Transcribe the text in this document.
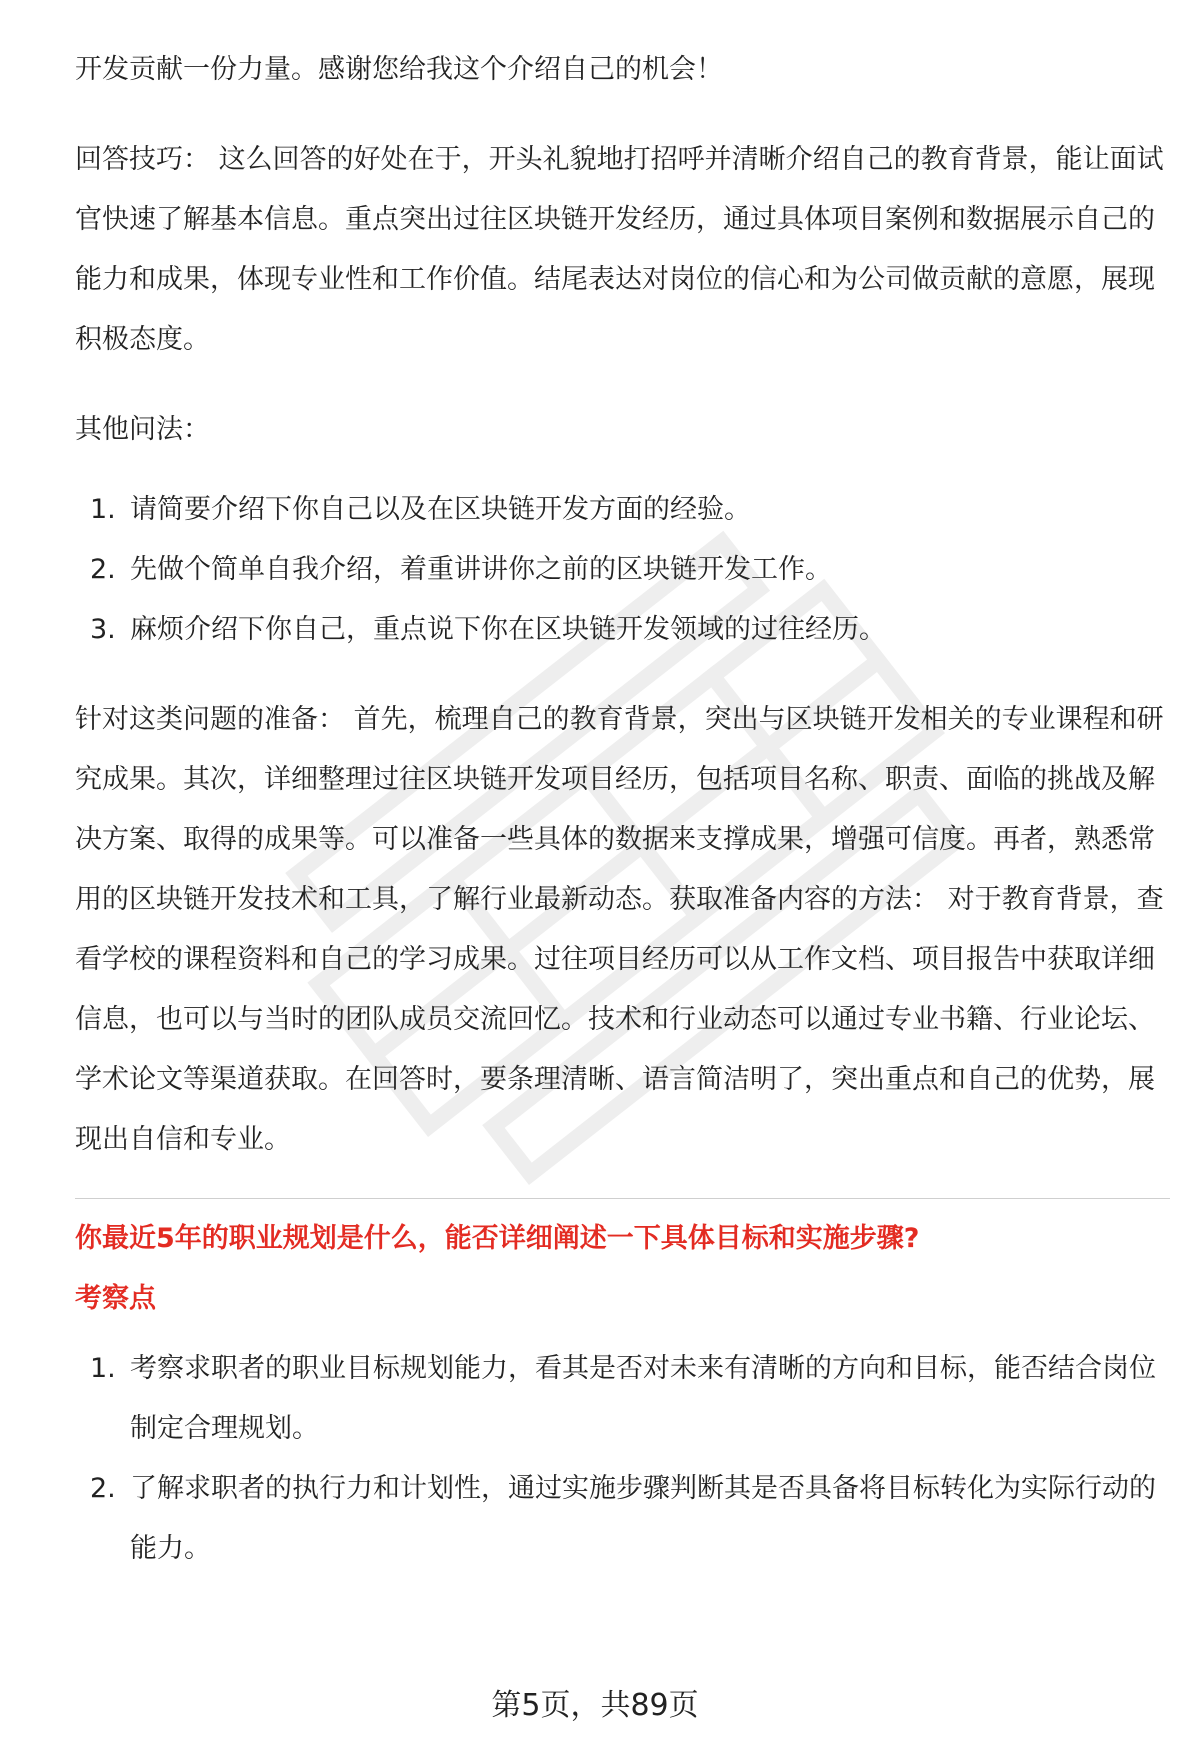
开发贡献一份力量。感谢您给我这个介绍自己的机会！

回答技巧： 这么回答的好处在于，开头礼貌地打招呼并清晰介绍自己的教育背景，能让面试官快速了解基本信息。重点突出过往区块链开发经历，通过具体项目案例和数据展示自己的能力和成果，体现专业性和工作价值。结尾表达对岗位的信心和为公司做贡献的意愿，展现积极态度。

其他问法：

1. 请简要介绍下你自己以及在区块链开发方面的经验。
2. 先做个简单自我介绍，着重讲讲你之前的区块链开发工作。
3. 麻烦介绍下你自己，重点说下你在区块链开发领域的过往经历。

针对这类问题的准备： 首先，梳理自己的教育背景，突出与区块链开发相关的专业课程和研究成果。其次，详细整理过往区块链开发项目经历，包括项目名称、职责、面临的挑战及解决方案、取得的成果等。可以准备一些具体的数据来支撑成果，增强可信度。再者，熟悉常用的区块链开发技术和工具，了解行业最新动态。获取准备内容的方法： 对于教育背景，查看学校的课程资料和自己的学习成果。过往项目经历可以从工作文档、项目报告中获取详细信息，也可以与当时的团队成员交流回忆。技术和行业动态可以通过专业书籍、行业论坛、学术论文等渠道获取。在回答时，要条理清晰、语言简洁明了，突出重点和自己的优势，展现出自信和专业。

你最近5年的职业规划是什么，能否详细阐述一下具体目标和实施步骤?

考察点

1. 考察求职者的职业目标规划能力，看其是否对未来有清晰的方向和目标，能否结合岗位制定合理规划。
2. 了解求职者的执行力和计划性，通过实施步骤判断其是否具备将目标转化为实际行动的能力。
第5页，共89页
